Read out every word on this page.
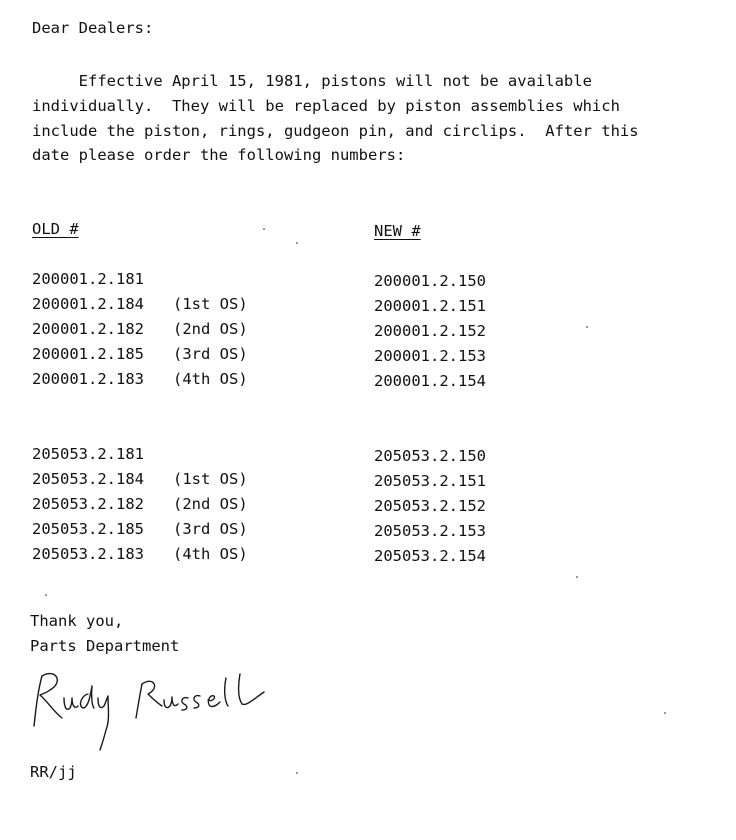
Dear Dealers:
Effective April 15, 1981, pistons will not be available
individually.  They will be replaced by piston assemblies which
include the piston, rings, gudgeon pin, and circlips.  After this
date please order the following numbers:
OLD #	NEW #
200001.2.181	200001.2.150
200001.2.184 (1st OS)	200001.2.151
200001.2.182 (2nd OS)	200001.2.152
200001.2.185 (3rd OS)	200001.2.153
200001.2.183 (4th OS)	200001.2.154
205053.2.181	205053.2.150
205053.2.184 (1st OS)	205053.2.151
205053.2.182 (2nd OS)	205053.2.152
205053.2.185 (3rd OS)	205053.2.153
205053.2.183 (4th OS)	205053.2.154
Thank you,
Parts Department
Rudy Russell
RR/jj
